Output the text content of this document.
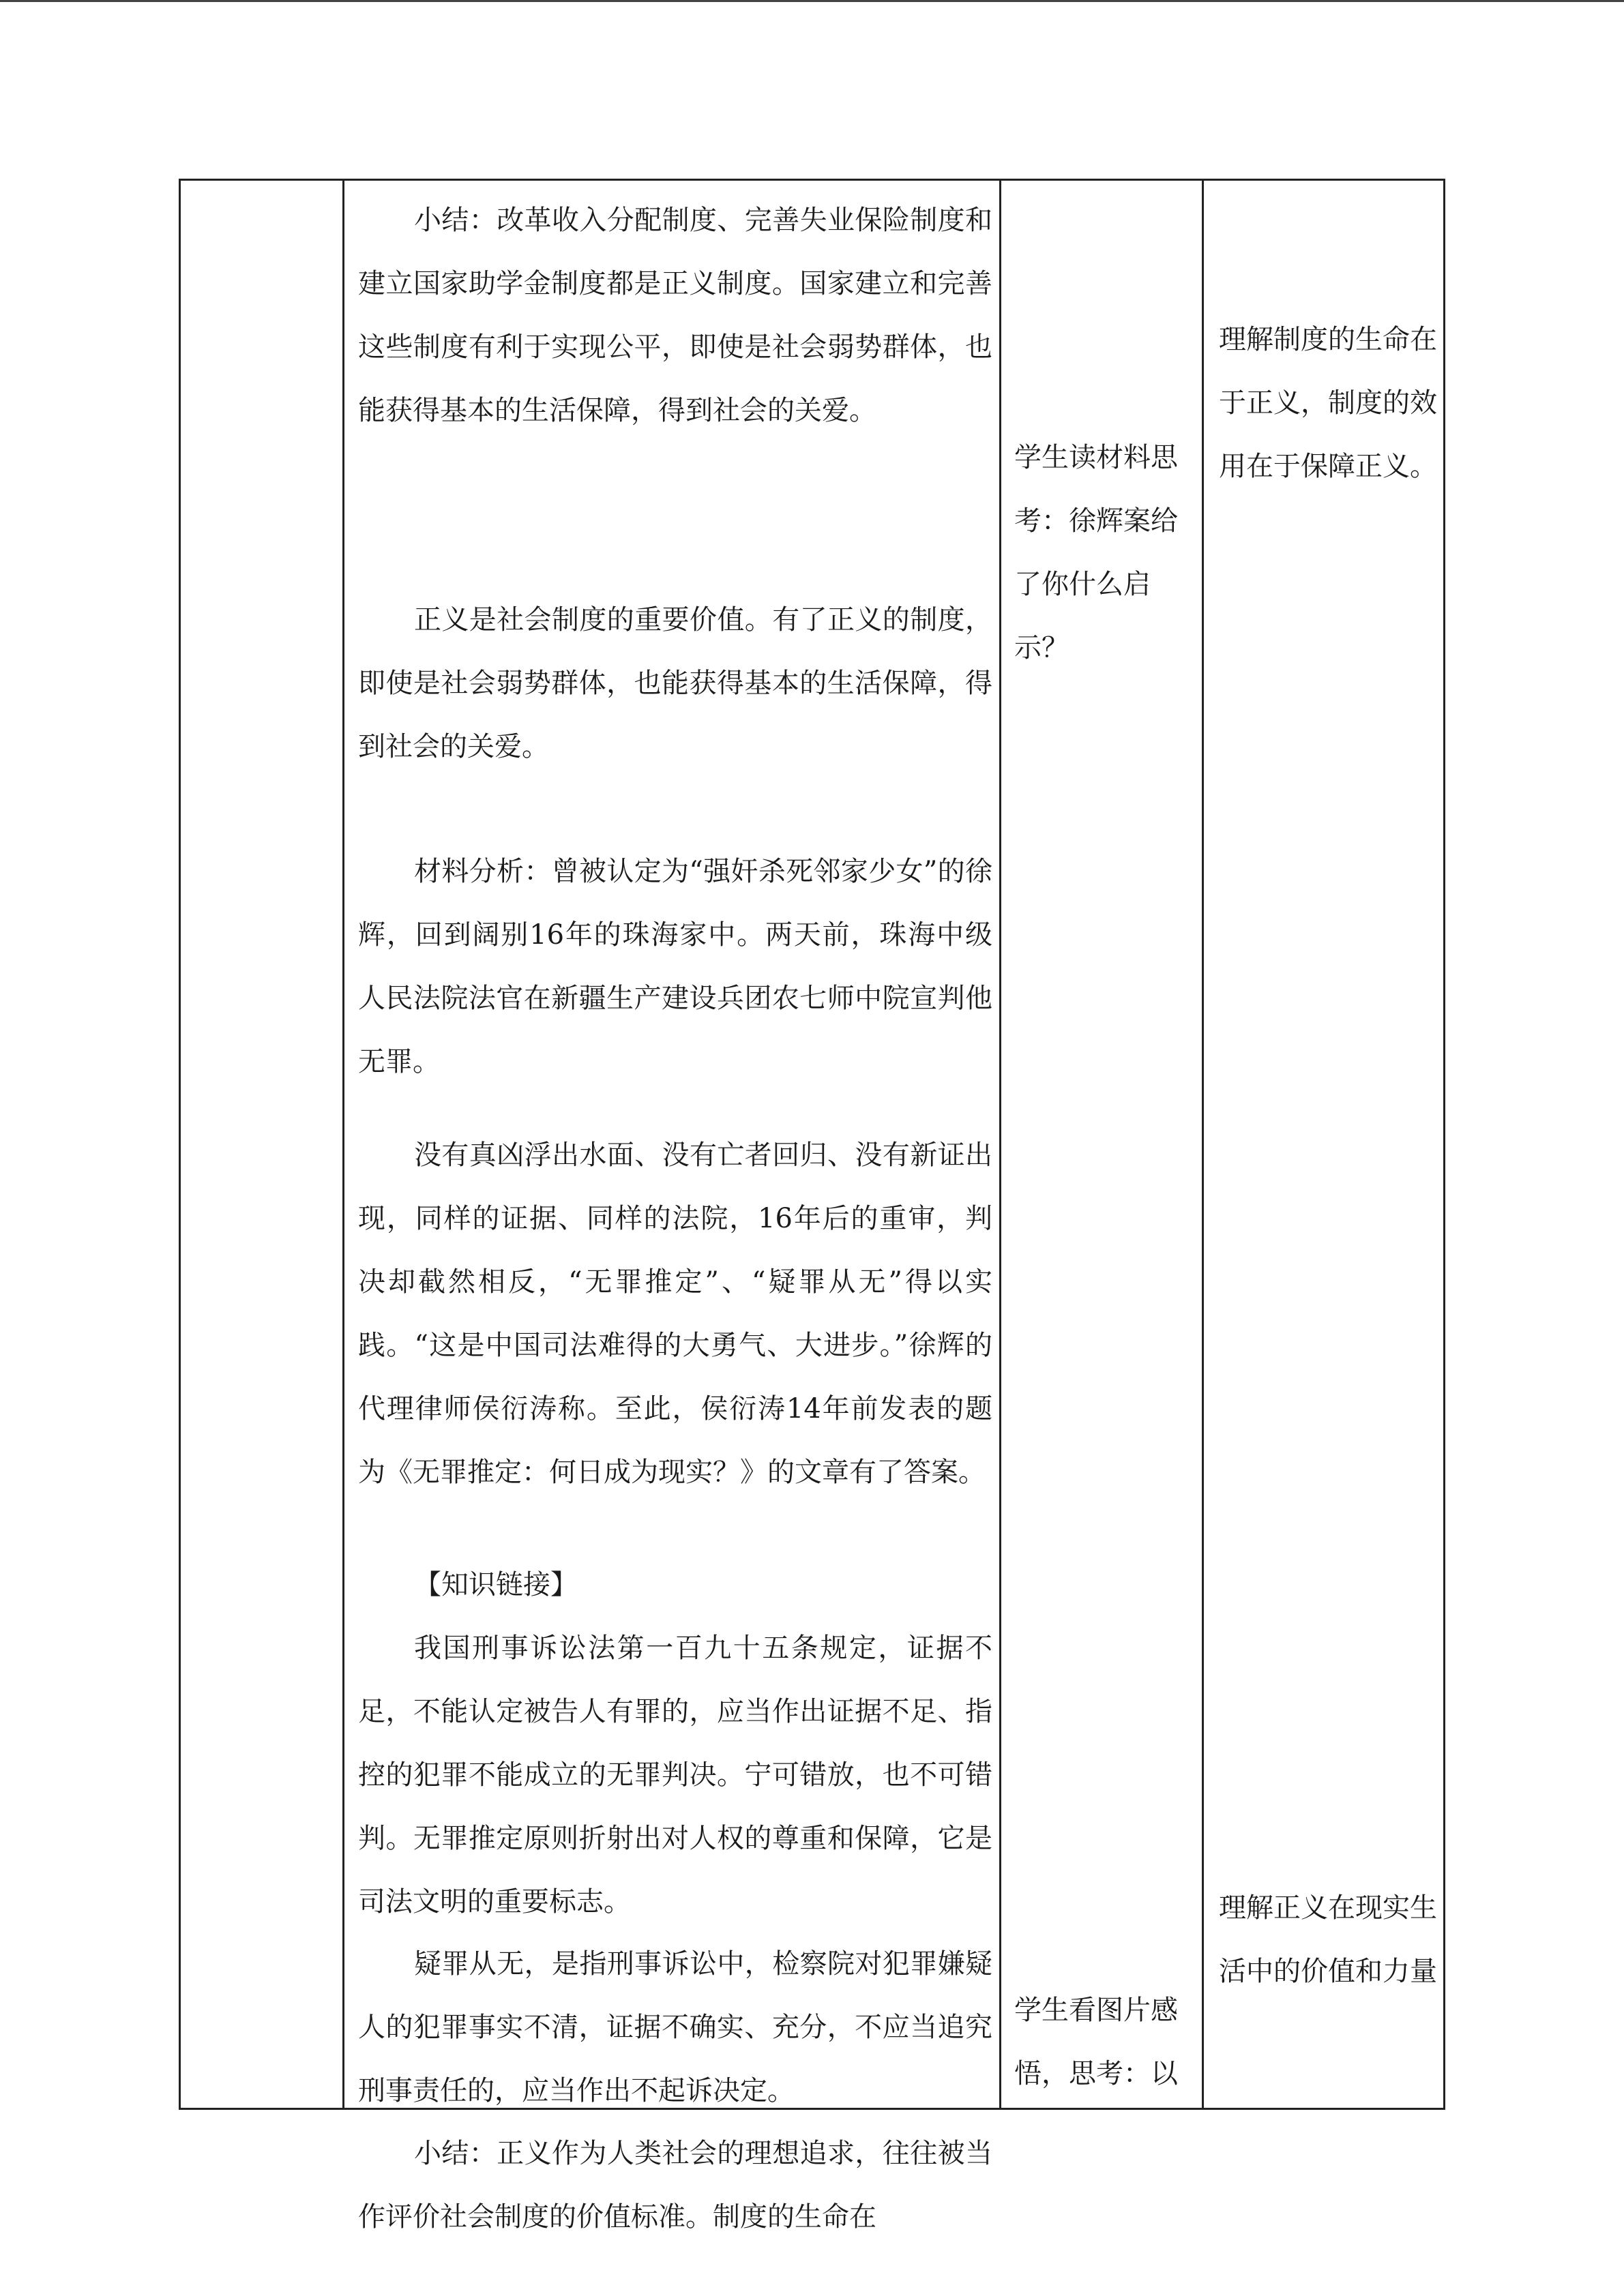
小结：改革收入分配制度、完善失业保险制度和建立国家助学金制度都是正义制度。国家建立和完善这些制度有利于实现公平，即使是社会弱势群体，也能获得基本的生活保障，得到社会的关爱。

正义是社会制度的重要价值。有了正义的制度，即使是社会弱势群体，也能获得基本的生活保障，得到社会的关爱。

材料分析：曾被认定为“强奸杀死邻家少女”的徐辉，回到阔别16年的珠海家中。两天前，珠海中级人民法院法官在新疆生产建设兵团农七师中院宣判他无罪。

没有真凶浮出水面、没有亡者回归、没有新证出现，同样的证据、同样的法院，16年后的重审，判决却截然相反，“无罪推定”、“疑罪从无”得以实践。“这是中国司法难得的大勇气、大进步。”徐辉的代理律师侯衍涛称。至此，侯衍涛14年前发表的题为《无罪推定：何日成为现实？》的文章有了答案。

【知识链接】

我国刑事诉讼法第一百九十五条规定，证据不足，不能认定被告人有罪的，应当作出证据不足、指控的犯罪不能成立的无罪判决。宁可错放，也不可错判。无罪推定原则折射出对人权的尊重和保障，它是司法文明的重要标志。

疑罪从无，是指刑事诉讼中，检察院对犯罪嫌疑人的犯罪事实不清，证据不确实、充分，不应当追究刑事责任的，应当作出不起诉决定。

小结：正义作为人类社会的理想追求，往往被当作评价社会制度的价值标准。制度的生命在

学生读材料思考：徐辉案给了你什么启示？
学生看图片感悟，思考：以
理解制度的生命在于正义，制度的效用在于保障正义。
理解正义在现实生活中的价值和力量
